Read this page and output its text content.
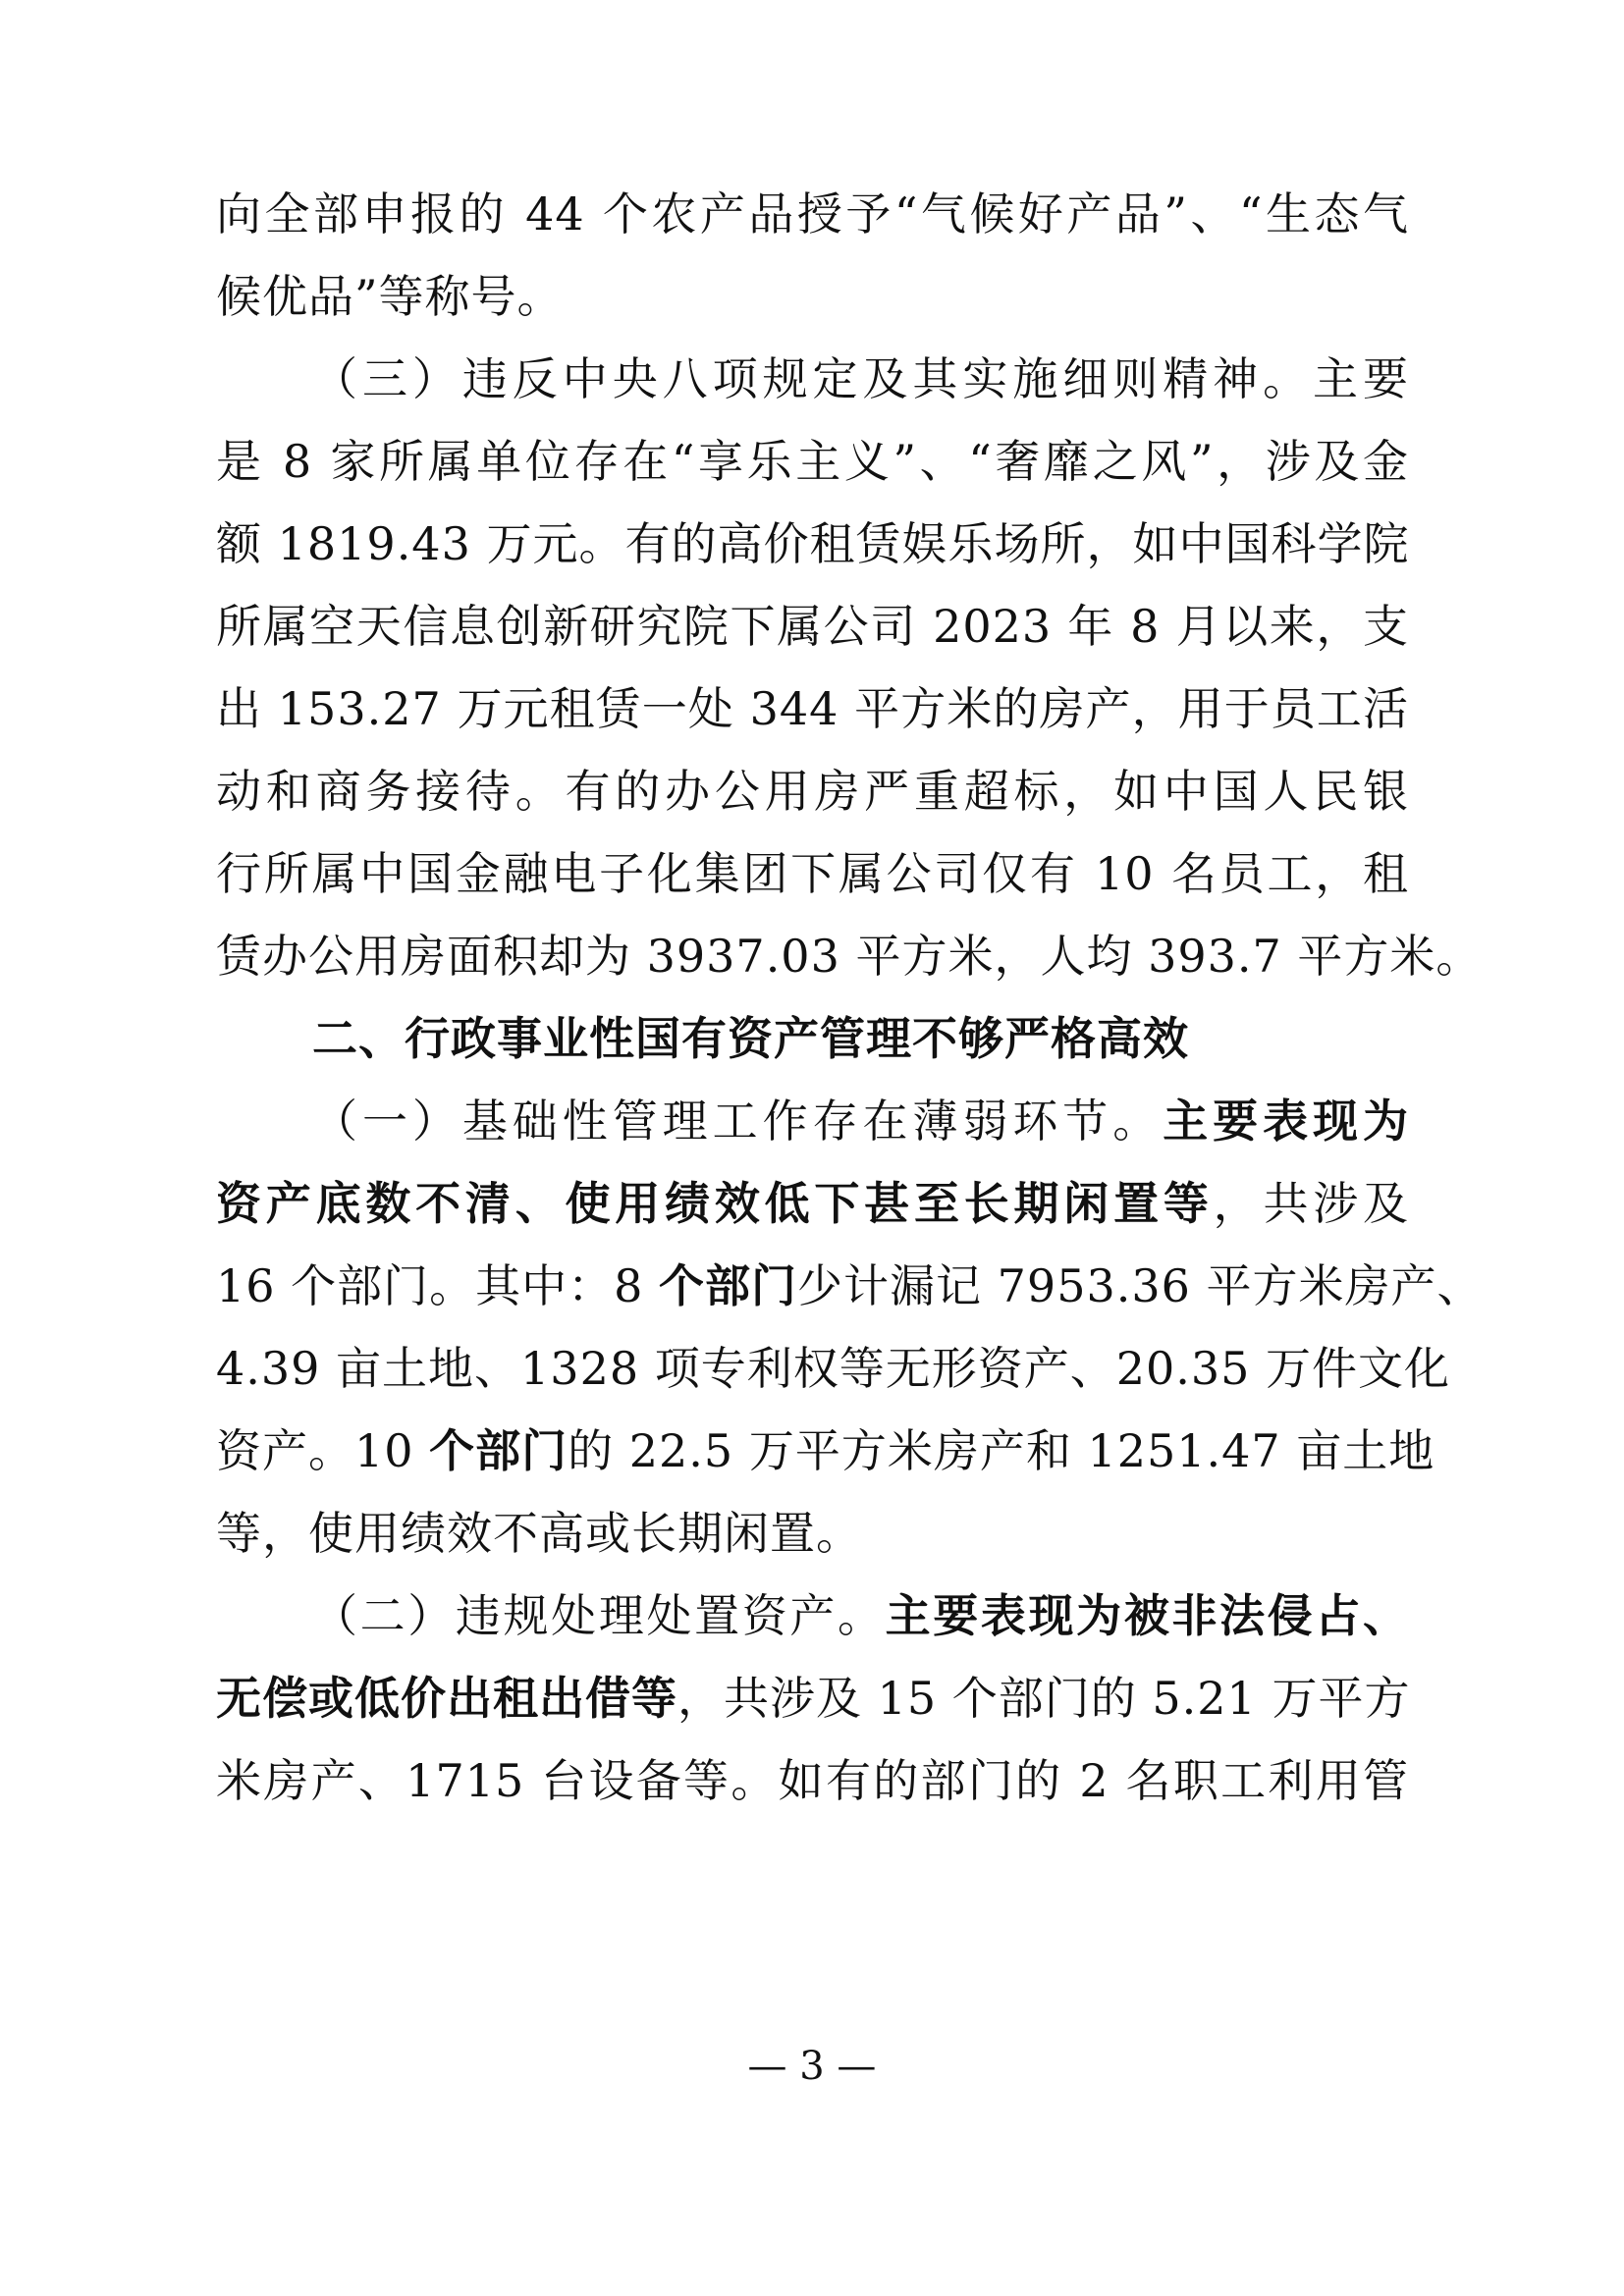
向全部申报的 44 个农产品授予“气候好产品”、“生态气
候优品”等称号。
（三）违反中央八项规定及其实施细则精神。主要
是 8 家所属单位存在“享乐主义”、“奢靡之风”，涉及金
额 1819.43 万元。有的高价租赁娱乐场所，如中国科学院
所属空天信息创新研究院下属公司 2023 年 8 月以来，支
出 153.27 万元租赁一处 344 平方米的房产，用于员工活
动和商务接待。有的办公用房严重超标，如中国人民银
行所属中国金融电子化集团下属公司仅有 10 名员工，租
赁办公用房面积却为 3937.03 平方米，人均 393.7 平方米。
二、行政事业性国有资产管理不够严格高效
（一）基础性管理工作存在薄弱环节。主要表现为
资产底数不清、使用绩效低下甚至长期闲置等，共涉及
16 个部门。其中：8 个部门少计漏记 7953.36 平方米房产、
4.39 亩土地、1328 项专利权等无形资产、20.35 万件文化
资产。10 个部门的 22.5 万平方米房产和 1251.47 亩土地
等，使用绩效不高或长期闲置。
（二）违规处理处置资产。主要表现为被非法侵占、
无偿或低价出租出借等，共涉及 15 个部门的 5.21 万平方
米房产、1715 台设备等。如有的部门的 2 名职工利用管
— 3 —
